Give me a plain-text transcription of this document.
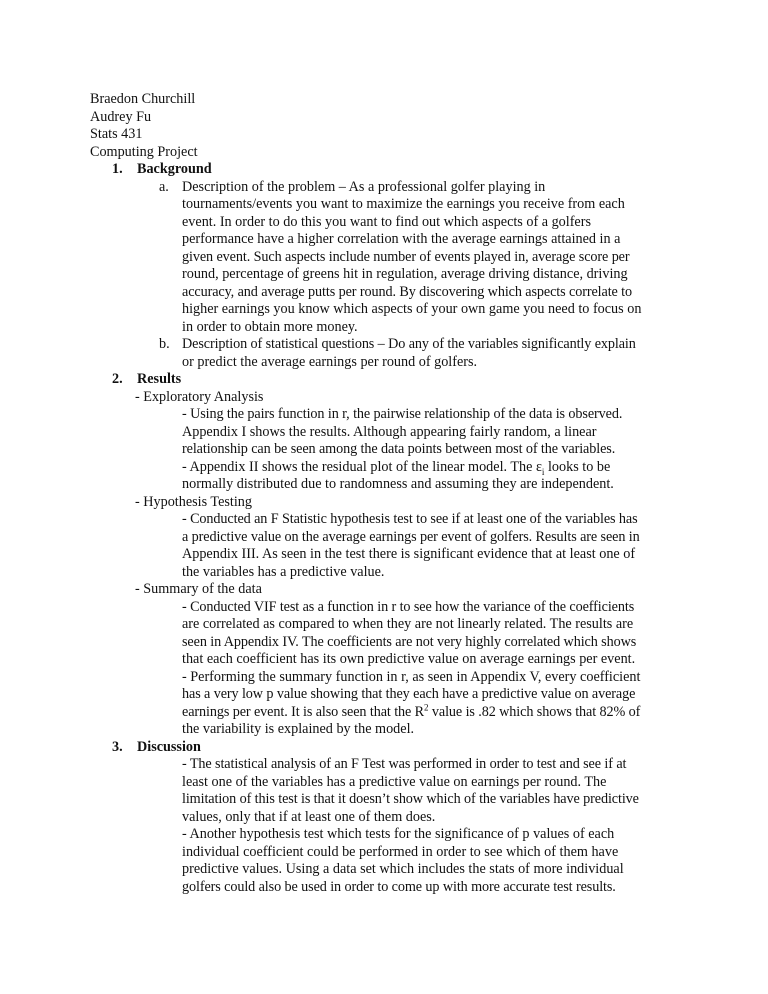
Braedon Churchill
Audrey Fu
Stats 431
Computing Project
1. Background
a. Description of the problem – As a professional golfer playing in
tournaments/events you want to maximize the earnings you receive from each
event. In order to do this you want to find out which aspects of a golfers
performance have a higher correlation with the average earnings attained in a
given event. Such aspects include number of events played in, average score per
round, percentage of greens hit in regulation, average driving distance, driving
accuracy, and average putts per round. By discovering which aspects correlate to
higher earnings you know which aspects of your own game you need to focus on
in order to obtain more money.
b. Description of statistical questions – Do any of the variables significantly explain
or predict the average earnings per round of golfers.
2. Results
- Exploratory Analysis
- Using the pairs function in r, the pairwise relationship of the data is observed.
Appendix I shows the results. Although appearing fairly random, a linear
relationship can be seen among the data points between most of the variables.
- Appendix II shows the residual plot of the linear model. The $\varepsilon_i$ looks to be
normally distributed due to randomness and assuming they are independent.
- Hypothesis Testing
- Conducted an F Statistic hypothesis test to see if at least one of the variables has
a predictive value on the average earnings per event of golfers. Results are seen in
Appendix III. As seen in the test there is significant evidence that at least one of
the variables has a predictive value.
- Summary of the data
- Conducted VIF test as a function in r to see how the variance of the coefficients
are correlated as compared to when they are not linearly related. The results are
seen in Appendix IV. The coefficients are not very highly correlated which shows
that each coefficient has its own predictive value on average earnings per event.
- Performing the summary function in r, as seen in Appendix V, every coefficient
has a very low p value showing that they each have a predictive value on average
earnings per event. It is also seen that the $R^2$ value is .82 which shows that 82% of
the variability is explained by the model.
3. Discussion
- The statistical analysis of an F Test was performed in order to test and see if at
least one of the variables has a predictive value on earnings per round. The
limitation of this test is that it doesn’t show which of the variables have predictive
values, only that if at least one of them does.
- Another hypothesis test which tests for the significance of p values of each
individual coefficient could be performed in order to see which of them have
predictive values. Using a data set which includes the stats of more individual
golfers could also be used in order to come up with more accurate test results.
